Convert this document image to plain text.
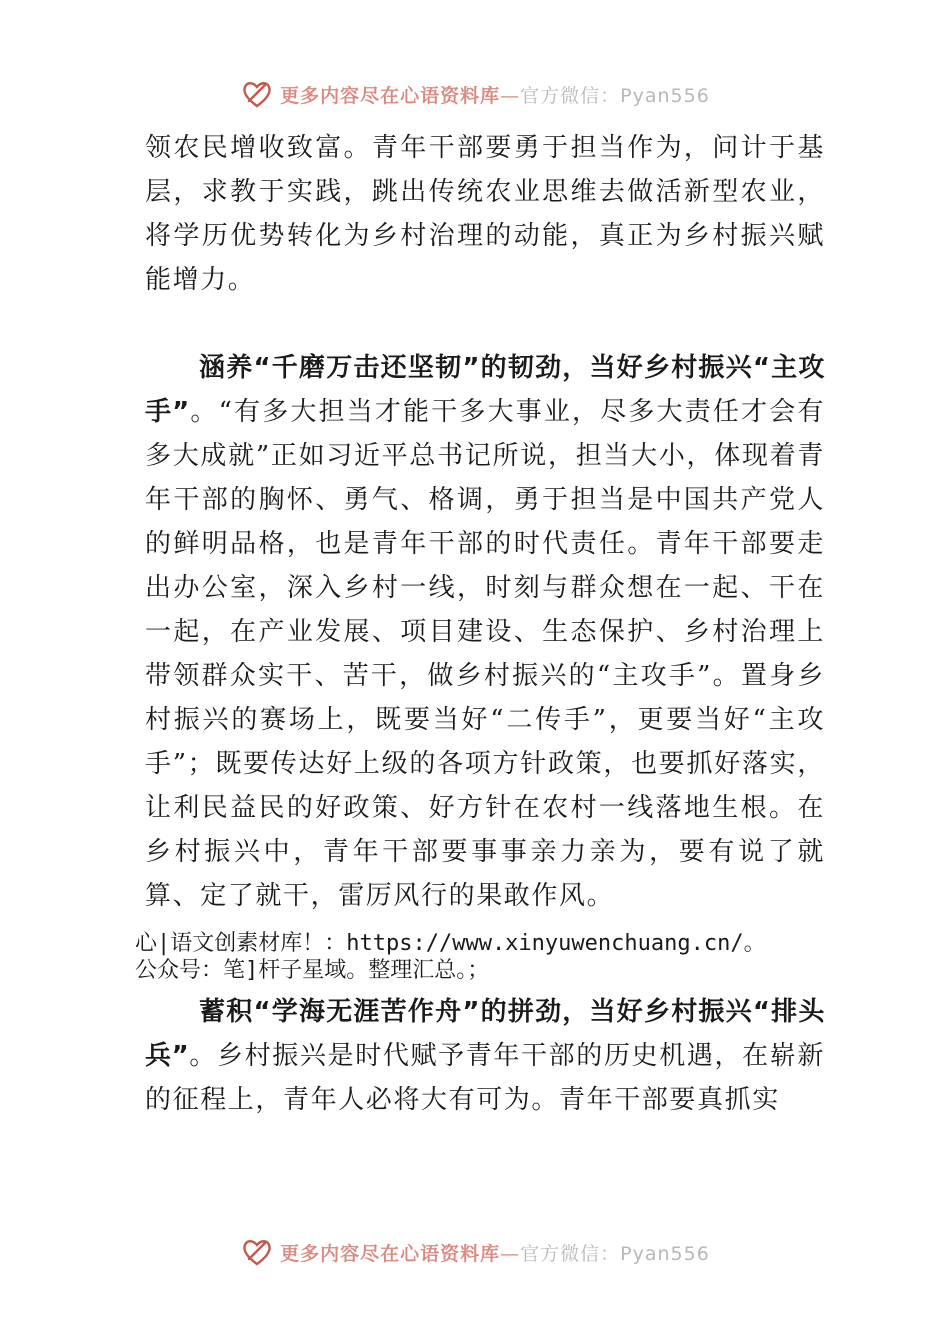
更多内容尽在心语资料库—官方微信：Pyan556

领农民增收致富。青年干部要勇于担当作为，问计于基层，求教于实践，跳出传统农业思维去做活新型农业，将学历优势转化为乡村治理的动能，真正为乡村振兴赋能增力。

涵养“千磨万击还坚韧”的韧劲，当好乡村振兴“主攻手”。“有多大担当才能干多大事业，尽多大责任才会有多大成就”正如习近平总书记所说，担当大小，体现着青年干部的胸怀、勇气、格调，勇于担当是中国共产党人的鲜明品格，也是青年干部的时代责任。青年干部要走出办公室，深入乡村一线，时刻与群众想在一起、干在一起，在产业发展、项目建设、生态保护、乡村治理上带领群众实干、苦干，做乡村振兴的“主攻手”。置身乡村振兴的赛场上，既要当好“二传手”，更要当好“主攻手”；既要传达好上级的各项方针政策，也要抓好落实，让利民益民的好政策、好方针在农村一线落地生根。在乡村振兴中，青年干部要事事亲力亲为，要有说了就算、定了就干，雷厉风行的果敢作风。

心|语文创素材库！：https://www.xinyuwenchuang.cn/。
公众号：笔]杆子星域。整理汇总。；

蓄积“学海无涯苦作舟”的拼劲，当好乡村振兴“排头兵”。乡村振兴是时代赋予青年干部的历史机遇，在崭新的征程上，青年人必将大有可为。青年干部要真抓实

更多内容尽在心语资料库—官方微信：Pyan556
